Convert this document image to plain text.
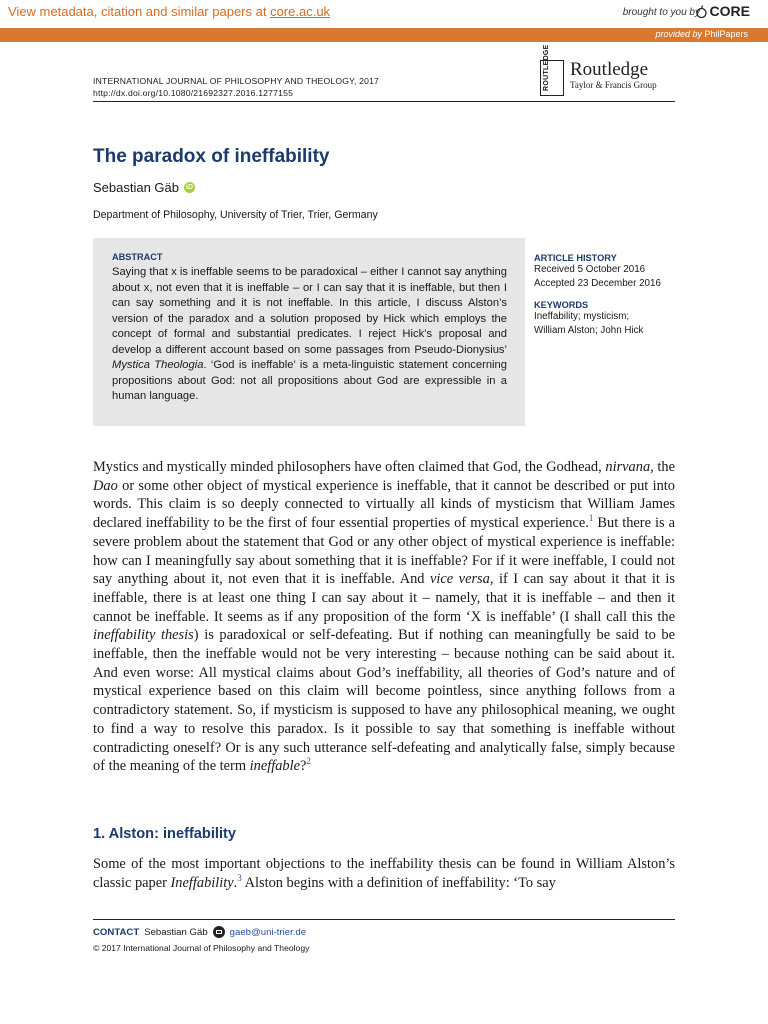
View metadata, citation and similar papers at core.ac.uk	brought to you by CORE
provided by PhilPapers
INTERNATIONAL JOURNAL OF PHILOSOPHY AND THEOLOGY, 2017
http://dx.doi.org/10.1080/21692327.2016.1277155
ROUTLEDGE Routledge
Taylor & Francis Group
The paradox of ineffability
Sebastian Gäb iD
Department of Philosophy, University of Trier, Trier, Germany
ABSTRACT

Saying that x is ineffable seems to be paradoxical – either I cannot say anything about x, not even that it is ineffable – or I can say that it is ineffable, but then I can say something and it is not ineffable. In this article, I discuss Alston’s version of the paradox and a solution proposed by Hick which employs the concept of formal and substantial predicates. I reject Hick’s proposal and develop a different account based on some passages from Pseudo-Dionysius’ Mystica Theologia. ‘God is ineffable’ is a meta-linguistic statement concerning propositions about God: not all propositions about God are expressible in a human language.

ARTICLE HISTORY

Received 5 October 2016

Accepted 23 December 2016

KEYWORDS

Ineffability; mysticism;

William Alston; John Hick

Mystics and mystically minded philosophers have often claimed that God, the Godhead, nirvana, the Dao or some other object of mystical experience is ineffable, that it cannot be described or put into words. This claim is so deeply connected to virtually all kinds of mysticism that William James declared ineffability to be the first of four essential properties of mystical experience.$^1$ But there is a severe problem about the statement that God or any other object of mystical experience is ineffable: how can I meaningfully say about something that it is ineffable? For if it were ineffable, I could not say anything about it, not even that it is ineffable. And vice versa, if I can say about it that it is ineffable, there is at least one thing I can say about it – namely, that it is ineffable – and then it cannot be ineffable. It seems as if any proposition of the form ‘X is ineffable’ (I shall call this the ineffability thesis) is paradoxical or self-defeating. But if nothing can meaningfully be said to be ineffable, then the ineffable would not be very interesting – because nothing can be said about it. And even worse: All mystical claims about God’s ineffability, all theories of God’s nature and of mystical experience based on this claim will become pointless, since anything follows from a contradictory statement. So, if mysticism is supposed to have any philosophical meaning, we ought to find a way to resolve this paradox. Is it possible to say that something is ineffable without contradicting oneself? Or is any such utterance self-defeating and analytically false, simply because of the meaning of the term ineffable?$^2$

1. Alston: ineffability

Some of the most important objections to the ineffability thesis can be found in William Alston’s classic paper Ineffability.$^3$ Alston begins with a definition of ineffability: ‘To say

CONTACT Sebastian Gäb gaeb@uni-trier.de
© 2017 International Journal of Philosophy and Theology
